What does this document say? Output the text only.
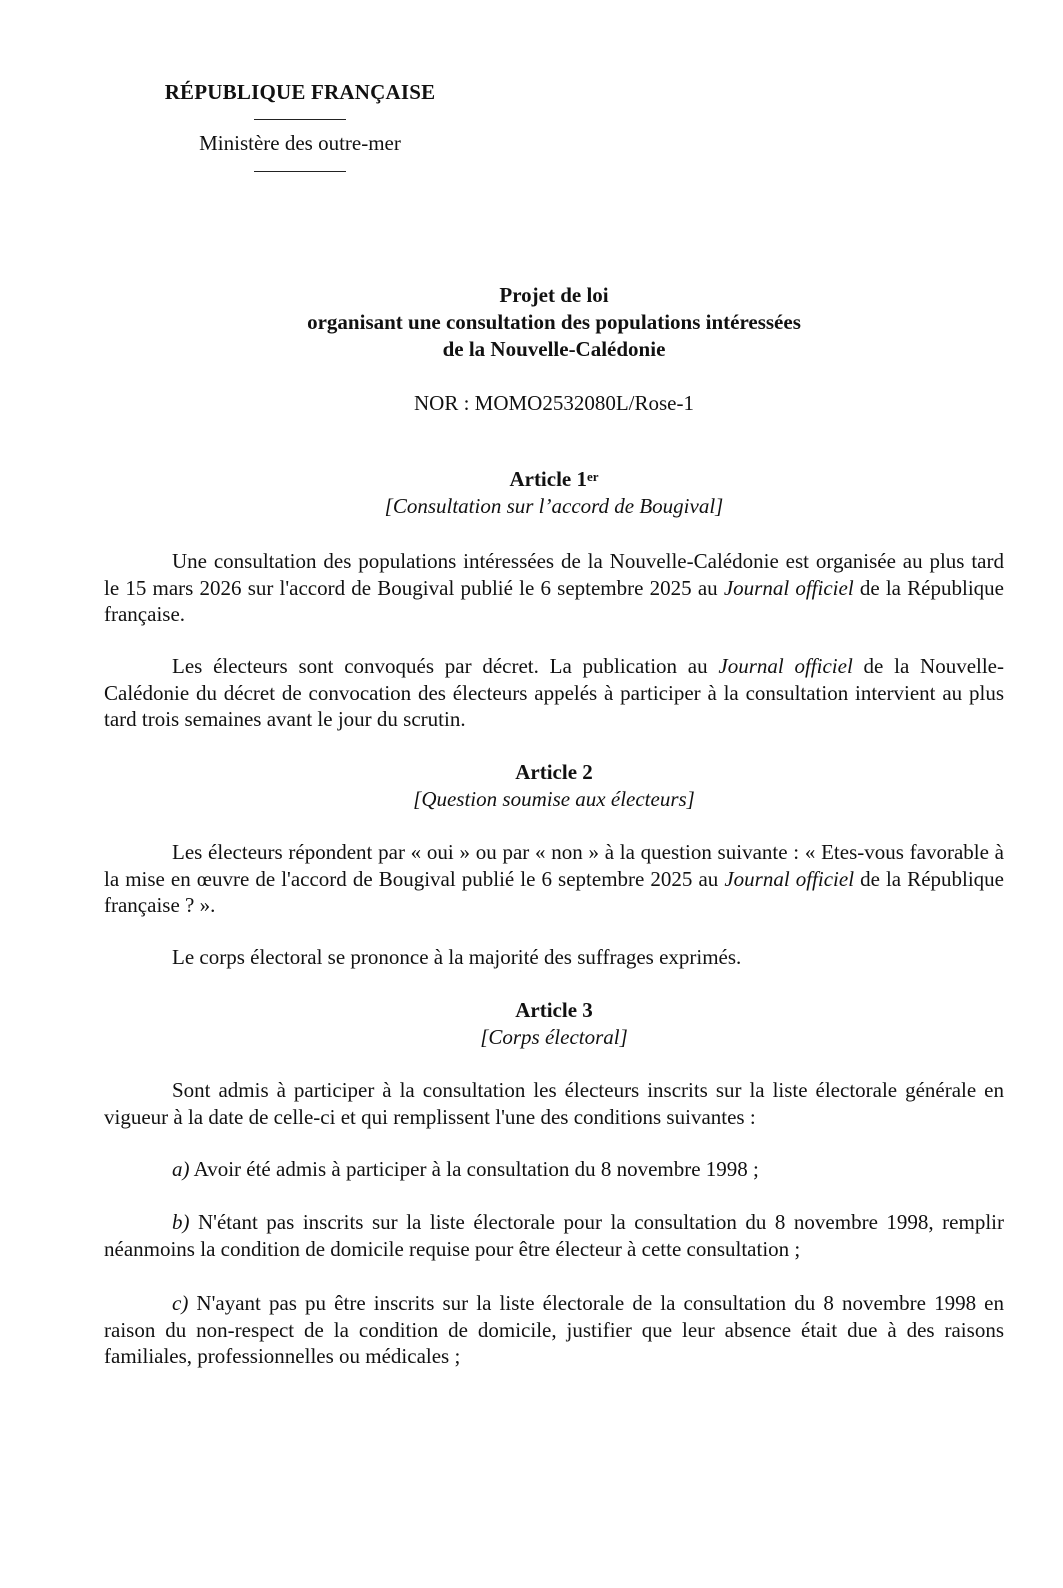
RÉPUBLIQUE FRANÇAISE
Ministère des outre-mer
Projet de loi
organisant une consultation des populations intéressées
de la Nouvelle-Calédonie
NOR : MOMO2532080L/Rose-1
Article 1er
[Consultation sur l’accord de Bougival]
Une consultation des populations intéressées de la Nouvelle-Calédonie est organisée au plus tard le 15 mars 2026 sur l'accord de Bougival publié le 6 septembre 2025 au Journal officiel de la République française.
Les électeurs sont convoqués par décret. La publication au Journal officiel de la Nouvelle-Calédonie du décret de convocation des électeurs appelés à participer à la consultation intervient au plus tard trois semaines avant le jour du scrutin.
Article 2
[Question soumise aux électeurs]
Les électeurs répondent par « oui » ou par « non » à la question suivante : « Etes-vous favorable à la mise en œuvre de l'accord de Bougival publié le 6 septembre 2025 au Journal officiel de la République française ? ».
Le corps électoral se prononce à la majorité des suffrages exprimés.
Article 3
[Corps électoral]
Sont admis à participer à la consultation les électeurs inscrits sur la liste électorale générale en vigueur à la date de celle-ci et qui remplissent l'une des conditions suivantes :
a) Avoir été admis à participer à la consultation du 8 novembre 1998 ;
b) N'étant pas inscrits sur la liste électorale pour la consultation du 8 novembre 1998, remplir néanmoins la condition de domicile requise pour être électeur à cette consultation ;
c) N'ayant pas pu être inscrits sur la liste électorale de la consultation du 8 novembre 1998 en raison du non-respect de la condition de domicile, justifier que leur absence était due à des raisons familiales, professionnelles ou médicales ;
